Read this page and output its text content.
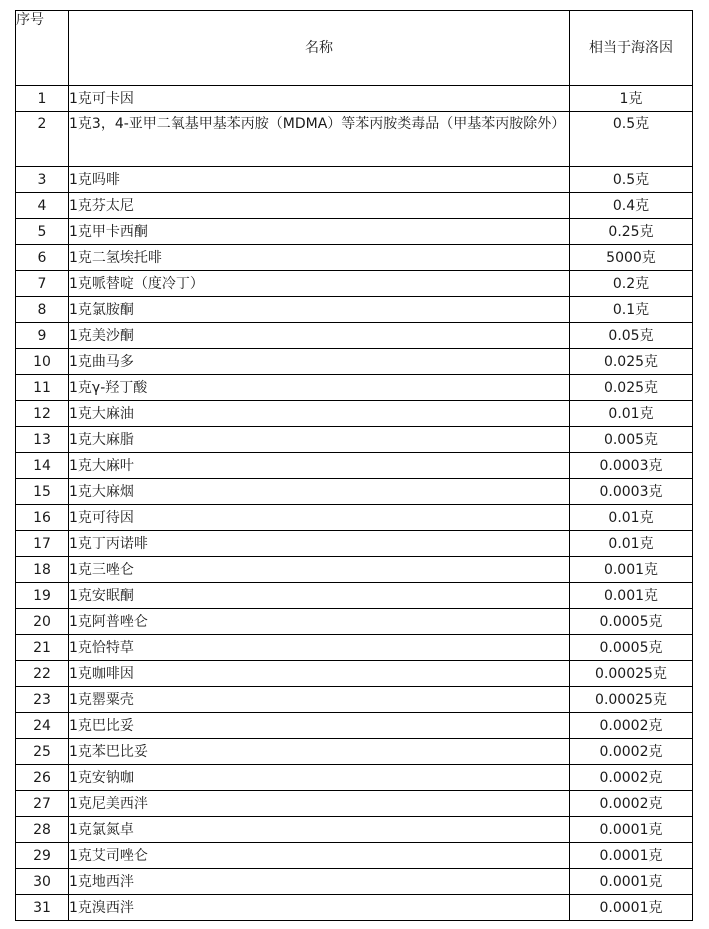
序号	名称	相当于海洛因
1	1克可卡因	1克
2	1克3，4-亚甲二氧基甲基苯丙胺（MDMA）等苯丙胺类毒品（甲基苯丙胺除外）	0.5克
3	1克吗啡	0.5克
4	1克芬太尼	0.4克
5	1克甲卡西酮	0.25克
6	1克二氢埃托啡	5000克
7	1克哌替啶（度冷丁）	0.2克
8	1克氯胺酮	0.1克
9	1克美沙酮	0.05克
10	1克曲马多	0.025克
11	1克γ-羟丁酸	0.025克
12	1克大麻油	0.01克
13	1克大麻脂	0.005克
14	1克大麻叶	0.0003克
15	1克大麻烟	0.0003克
16	1克可待因	0.01克
17	1克丁丙诺啡	0.01克
18	1克三唑仑	0.001克
19	1克安眠酮	0.001克
20	1克阿普唑仑	0.0005克
21	1克恰特草	0.0005克
22	1克咖啡因	0.00025克
23	1克罂粟壳	0.00025克
24	1克巴比妥	0.0002克
25	1克苯巴比妥	0.0002克
26	1克安钠咖	0.0002克
27	1克尼美西泮	0.0002克
28	1克氯氮卓	0.0001克
29	1克艾司唑仑	0.0001克
30	1克地西泮	0.0001克
31	1克溴西泮	0.0001克
